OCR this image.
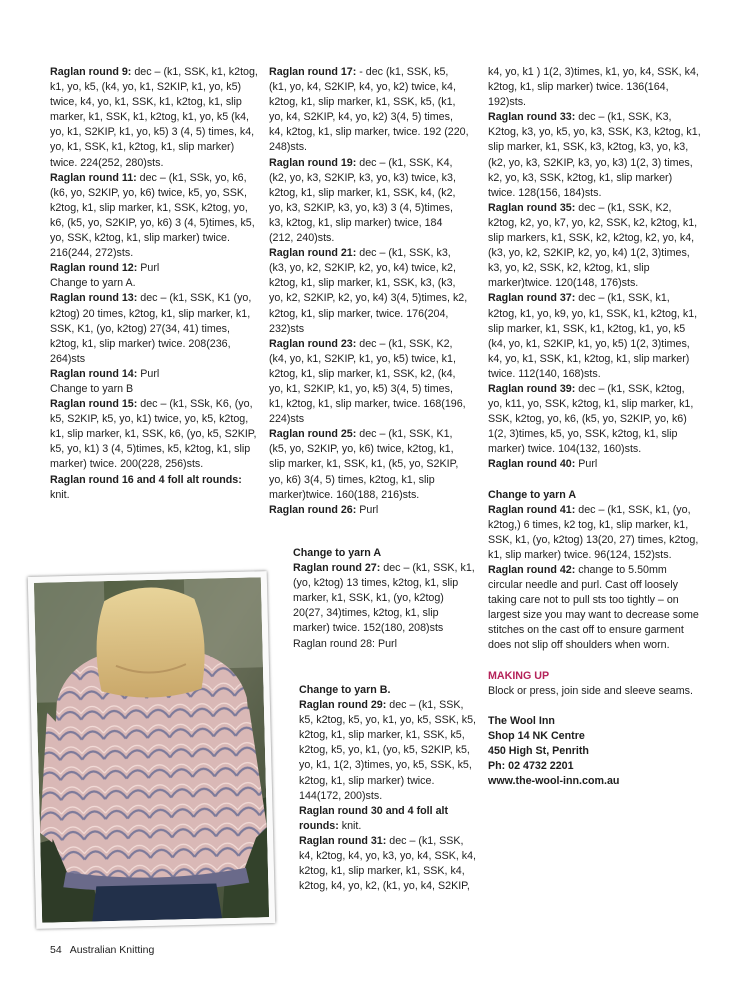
Raglan round 9: dec – (k1, SSK, k1, k2tog, k1, yo, k5, (k4, yo, k1, S2KIP, k1, yo, k5) twice, k4, yo, k1, SSK, k1, k2tog, k1, slip marker, k1, SSK, k1, k2tog, k1, yo, k5 (k4, yo, k1, S2KIP, k1, yo, k5) 3 (4, 5) times, k4, yo, k1, SSK, k1, k2tog, k1, slip marker) twice. 224(252, 280)sts.

Raglan round 11: dec – (k1, SSk, yo, k6, (k6, yo, S2KIP, yo, k6) twice, k5, yo, SSK, k2tog, k1, slip marker, k1, SSK, k2tog, yo, k6, (k5, yo, S2KIP, yo, k6) 3 (4, 5)times, k5, yo, SSK, k2tog, k1, slip marker) twice. 216(244, 272)sts.

Raglan round 12: Purl

Change to yarn A.

Raglan round 13: dec – (k1, SSK, K1 (yo, k2tog) 20 times, k2tog, k1, slip marker, k1, SSK, K1, (yo, k2tog) 27(34, 41) times, k2tog, k1, slip marker) twice. 208(236, 264)sts

Raglan round 14: Purl

Change to yarn B

Raglan round 15: dec – (k1, SSk, K6, (yo, k5, S2KIP, k5, yo, k1) twice, yo, k5, k2tog, k1, slip marker, k1, SSK, k6, (yo, k5, S2KIP, k5, yo, k1) 3 (4, 5)times, k5, k2tog, k1, slip marker) twice. 200(228, 256)sts.

Raglan round 16 and 4 foll alt rounds: knit.

Raglan round 17: - dec (k1, SSK, k5, (k1, yo, k4, S2KIP, k4, yo, k2) twice, k4, k2tog, k1, slip marker, k1, SSK, k5, (k1, yo, k4, S2KIP, k4, yo, k2) 3(4, 5) times, k4, k2tog, k1, slip marker, twice. 192 (220, 248)sts.

Raglan round 19: dec – (k1, SSK, K4, (k2, yo, k3, S2KIP, k3, yo, k3) twice, k3, k2tog, k1, slip marker, k1, SSK, k4, (k2, yo, k3, S2KIP, k3, yo, k3) 3 (4, 5)times, k3, k2tog, k1, slip marker) twice, 184 (212, 240)sts.

Raglan round 21: dec – (k1, SSK, k3, (k3, yo, k2, S2KIP, k2, yo, k4) twice, k2, k2tog, k1, slip marker, k1, SSK, k3, (k3, yo, k2, S2KIP, k2, yo, k4) 3(4, 5)times, k2, k2tog, k1, slip marker, twice. 176(204, 232)sts

Raglan round 23: dec – (k1, SSK, K2, (k4, yo, k1, S2KIP, k1, yo, k5) twice, k1, k2tog, k1, slip marker, k1, SSK, k2, (k4, yo, k1, S2KIP, k1, yo, k5) 3(4, 5) times, k1, k2tog, k1, slip marker, twice. 168(196, 224)sts

Raglan round 25: dec – (k1, SSK, K1, (k5, yo, S2KIP, yo, k6) twice, k2tog, k1, slip marker, k1, SSK, k1, (k5, yo, S2KIP, yo, k6) 3(4, 5) times, k2tog, k1, slip marker)twice. 160(188, 216)sts.

Raglan round 26: Purl

Change to yarn A

Raglan round 27: dec – (k1, SSK, k1, (yo, k2tog) 13 times, k2tog, k1, slip marker, k1, SSK, k1, (yo, k2tog) 20(27, 34)times, k2tog, k1, slip marker) twice. 152(180, 208)sts

Raglan round 28: Purl

Change to yarn B.

Raglan round 29: dec – (k1, SSK, k5, k2tog, k5, yo, k1, yo, k5, SSK, k5, k2tog, k1, slip marker, k1, SSK, k5, k2tog, k5, yo, k1, (yo, k5, S2KIP, k5, yo, k1, 1(2, 3)times, yo, k5, SSK, k5, k2tog, k1, slip marker) twice. 144(172, 200)sts.

Raglan round 30 and 4 foll alt rounds: knit.

Raglan round 31: dec – (k1, SSK, k4, k2tog, k4, yo, k3, yo, k4, SSK, k4, k2tog, k1, slip marker, k1, SSK, k4, k2tog, k4, yo, k2, (k1, yo, k4, S2KIP,

k4, yo, k1 ) 1(2, 3)times, k1, yo, k4, SSK, k4, k2tog, k1, slip marker) twice. 136(164, 192)sts.

Raglan round 33: dec – (k1, SSK, K3, K2tog, k3, yo, k5, yo, k3, SSK, K3, k2tog, k1, slip marker, k1, SSK, k3, k2tog, k3, yo, k3, (k2, yo, k3, S2KIP, k3, yo, k3) 1(2, 3) times, k2, yo, k3, SSK, k2tog, k1, slip marker) twice. 128(156, 184)sts.

Raglan round 35: dec – (k1, SSK, K2, k2tog, k2, yo, k7, yo, k2, SSK, k2, k2tog, k1, slip markers, k1, SSK, k2, k2tog, k2, yo, k4, (k3, yo, k2, S2KIP, k2, yo, k4) 1(2, 3)times, k3, yo, k2, SSK, k2, k2tog, k1, slip marker)twice. 120(148, 176)sts.

Raglan round 37: dec – (k1, SSK, k1, k2tog, k1, yo, k9, yo, k1, SSK, k1, k2tog, k1, slip marker, k1, SSK, k1, k2tog, k1, yo, k5 (k4, yo, k1, S2KIP, k1, yo, k5) 1(2, 3)times, k4, yo, k1, SSK, k1, k2tog, k1, slip marker) twice. 112(140, 168)sts.

Raglan round 39: dec – (k1, SSK, k2tog, yo, k11, yo, SSK, k2tog, k1, slip marker, k1, SSK, k2tog, yo, k6, (k5, yo, S2KIP, yo, k6) 1(2, 3)times, k5, yo, SSK, k2tog, k1, slip marker) twice. 104(132, 160)sts.

Raglan round 40: Purl

Change to yarn A

Raglan round 41: dec – (k1, SSK, k1, (yo, k2tog,) 6 times, k2 tog, k1, slip marker, k1, SSK, k1, (yo, k2tog) 13(20, 27) times, k2tog, k1, slip marker) twice. 96(124, 152)sts.

Raglan round 42: change to 5.50mm circular needle and purl. Cast off loosely taking care not to pull sts too tightly – on largest size you may want to decrease some stitches on the cast off to ensure garment does not slip off shoulders when worn.

MAKING UP

Block or press, join side and sleeve seams.

The Wool Inn

Shop 14 NK Centre

450 High St, Penrith

Ph: 02 4732 2201

www.the-wool-inn.com.au

54 Australian Knitting
